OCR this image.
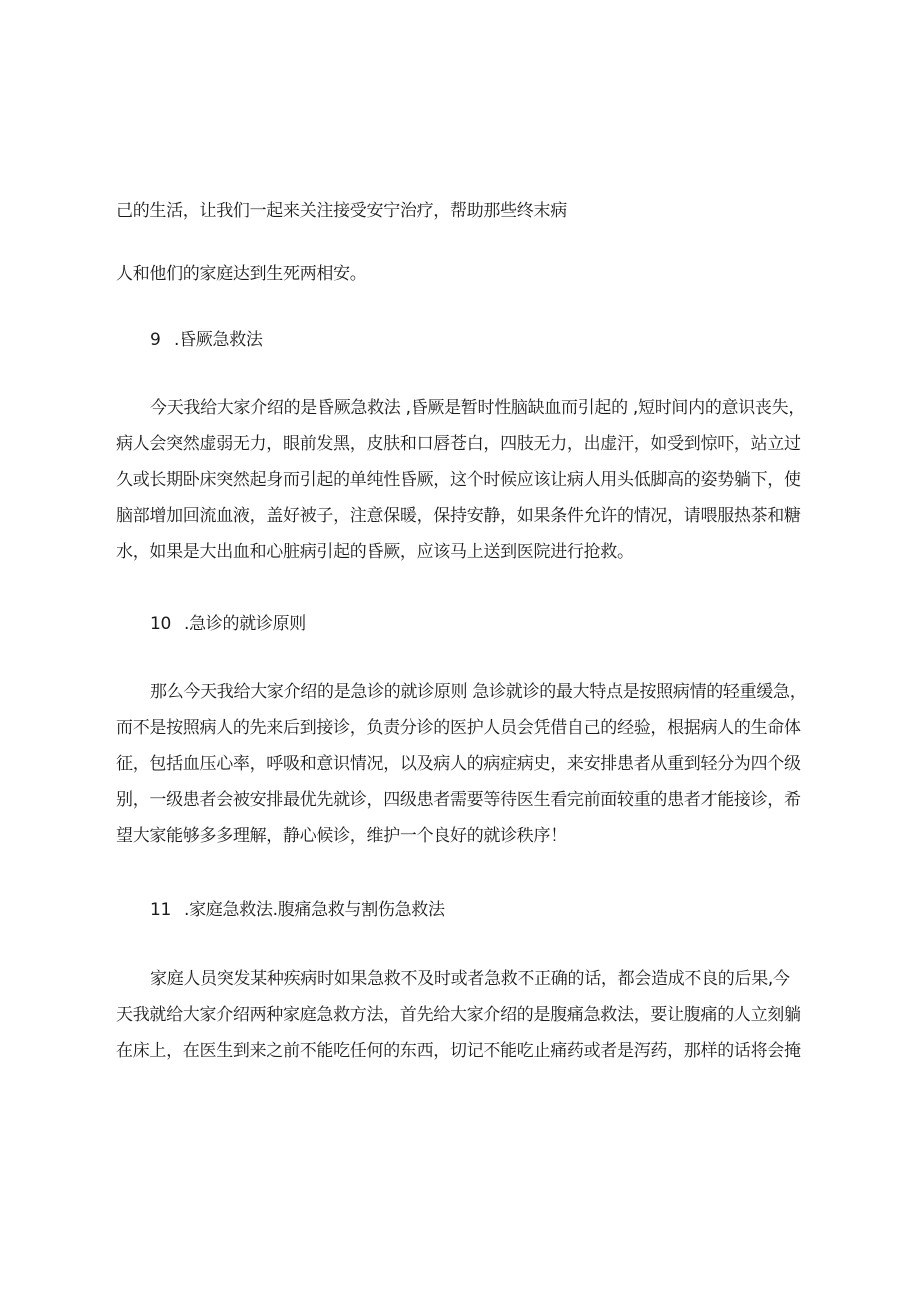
己的生活，让我们一起来关注接受安宁治疗，帮助那些终末病
人和他们的家庭达到生死两相安。
9 .昏厥急救法
今天我给大家介绍的是昏厥急救法 ,昏厥是暂时性脑缺血而引起的 ,短时间内的意识丧失，
病人会突然虚弱无力，眼前发黑，皮肤和口唇苍白，四肢无力，出虚汗，如受到惊吓，站立过
久或长期卧床突然起身而引起的单纯性昏厥，这个时候应该让病人用头低脚高的姿势躺下，使
脑部增加回流血液，盖好被子，注意保暖，保持安静，如果条件允许的情况，请喂服热茶和糖
水，如果是大出血和心脏病引起的昏厥，应该马上送到医院进行抢救。
10 .急诊的就诊原则
那么今天我给大家介绍的是急诊的就诊原则 急诊就诊的最大特点是按照病情的轻重缓急，
而不是按照病人的先来后到接诊，负责分诊的医护人员会凭借自己的经验，根据病人的生命体
征，包括血压心率，呼吸和意识情况，以及病人的病症病史，来安排患者从重到轻分为四个级
别，一级患者会被安排最优先就诊，四级患者需要等待医生看完前面较重的患者才能接诊，希
望大家能够多多理解，静心候诊，维护一个良好的就诊秩序！
11 .家庭急救法.腹痛急救与割伤急救法
家庭人员突发某种疾病时如果急救不及时或者急救不正确的话，都会造成不良的后果,今
天我就给大家介绍两种家庭急救方法，首先给大家介绍的是腹痛急救法，要让腹痛的人立刻躺
在床上，在医生到来之前不能吃任何的东西，切记不能吃止痛药或者是泻药，那样的话将会掩
